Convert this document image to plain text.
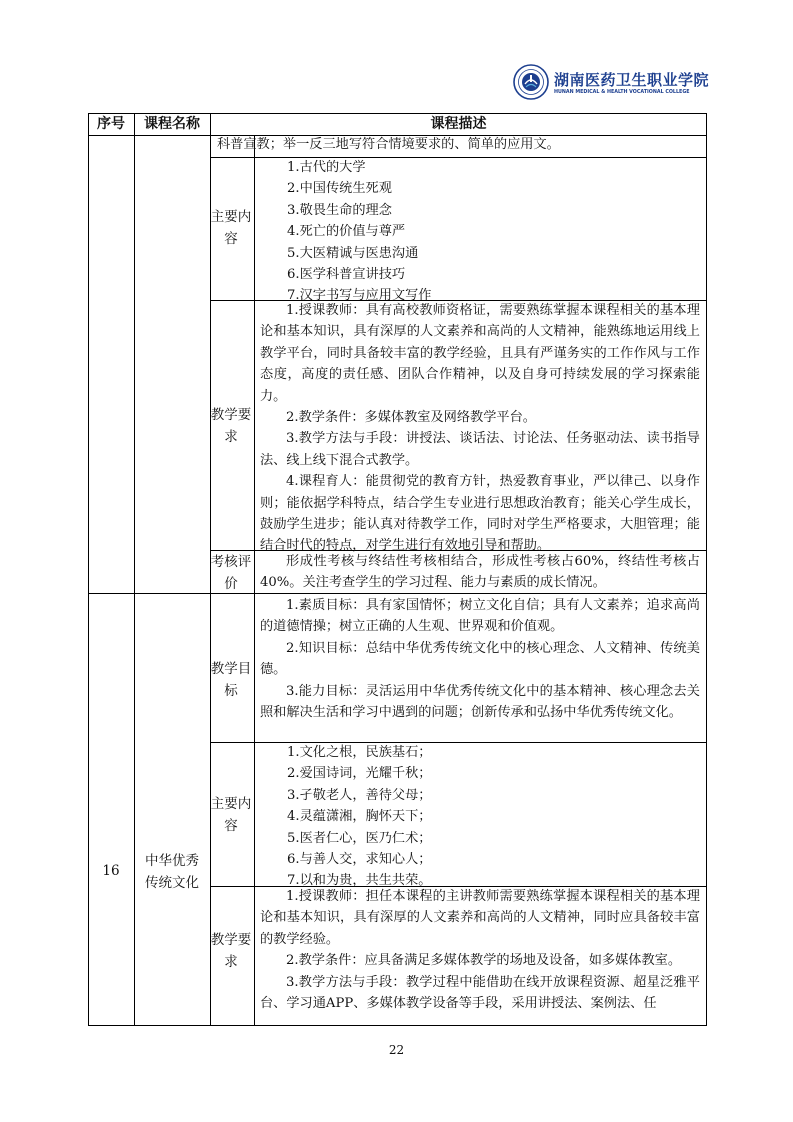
湖南医药卫生职业学院
HUNAN MEDICAL & HEALTH VOCATIONAL COLLEGE
序号	课程名称	课程描述

科普宣教；举一反三地写符合情境要求的、简单的应用文。

主要内容
1.古代的大学
2.中国传统生死观
3.敬畏生命的理念
4.死亡的价值与尊严
5.大医精诚与医患沟通
6.医学科普宣讲技巧
7.汉字书写与应用文写作
教学要求

1.授课教师：具有高校教师资格证，需要熟练掌握本课程相关的基本理论和基本知识，具有深厚的人文素养和高尚的人文精神，能熟练地运用线上教学平台，同时具备较丰富的教学经验，且具有严谨务实的工作作风与工作态度，高度的责任感、团队合作精神，以及自身可持续发展的学习探索能力。

2.教学条件：多媒体教室及网络教学平台。

3.教学方法与手段：讲授法、谈话法、讨论法、任务驱动法、读书指导法、线上线下混合式教学。

4.课程育人：能贯彻党的教育方针，热爱教育事业，严以律己、以身作则；能依据学科特点，结合学生专业进行思想政治教育；能关心学生成长，鼓励学生进步；能认真对待教学工作，同时对学生严格要求，大胆管理；能结合时代的特点，对学生进行有效地引导和帮助。

考核评价

形成性考核与终结性考核相结合，形成性考核占60%，终结性考核占40%。关注考查学生的学习过程、能力与素质的成长情况。

16
中华优秀传统文化
教学目标

1.素质目标：具有家国情怀；树立文化自信；具有人文素养；追求高尚的道德情操；树立正确的人生观、世界观和价值观。

2.知识目标：总结中华优秀传统文化中的核心理念、人文精神、传统美德。

3.能力目标：灵活运用中华优秀传统文化中的基本精神、核心理念去关照和解决生活和学习中遇到的问题；创新传承和弘扬中华优秀传统文化。

主要内容
1.文化之根，民族基石；
2.爱国诗词，光耀千秋；
3.孑敬老人，善待父母；
4.灵蕴潇湘，胸怀天下；
5.医者仁心，医乃仁术；
6.与善人交，求知心人；
7.以和为贵，共生共荣。
教学要求

1.授课教师：担任本课程的主讲教师需要熟练掌握本课程相关的基本理论和基本知识，具有深厚的人文素养和高尚的人文精神，同时应具备较丰富的教学经验。

2.教学条件：应具备满足多媒体教学的场地及设备，如多媒体教室。

3.教学方法与手段：教学过程中能借助在线开放课程资源、超星泛雅平台、学习通APP、多媒体教学设备等手段，采用讲授法、案例法、任

22
